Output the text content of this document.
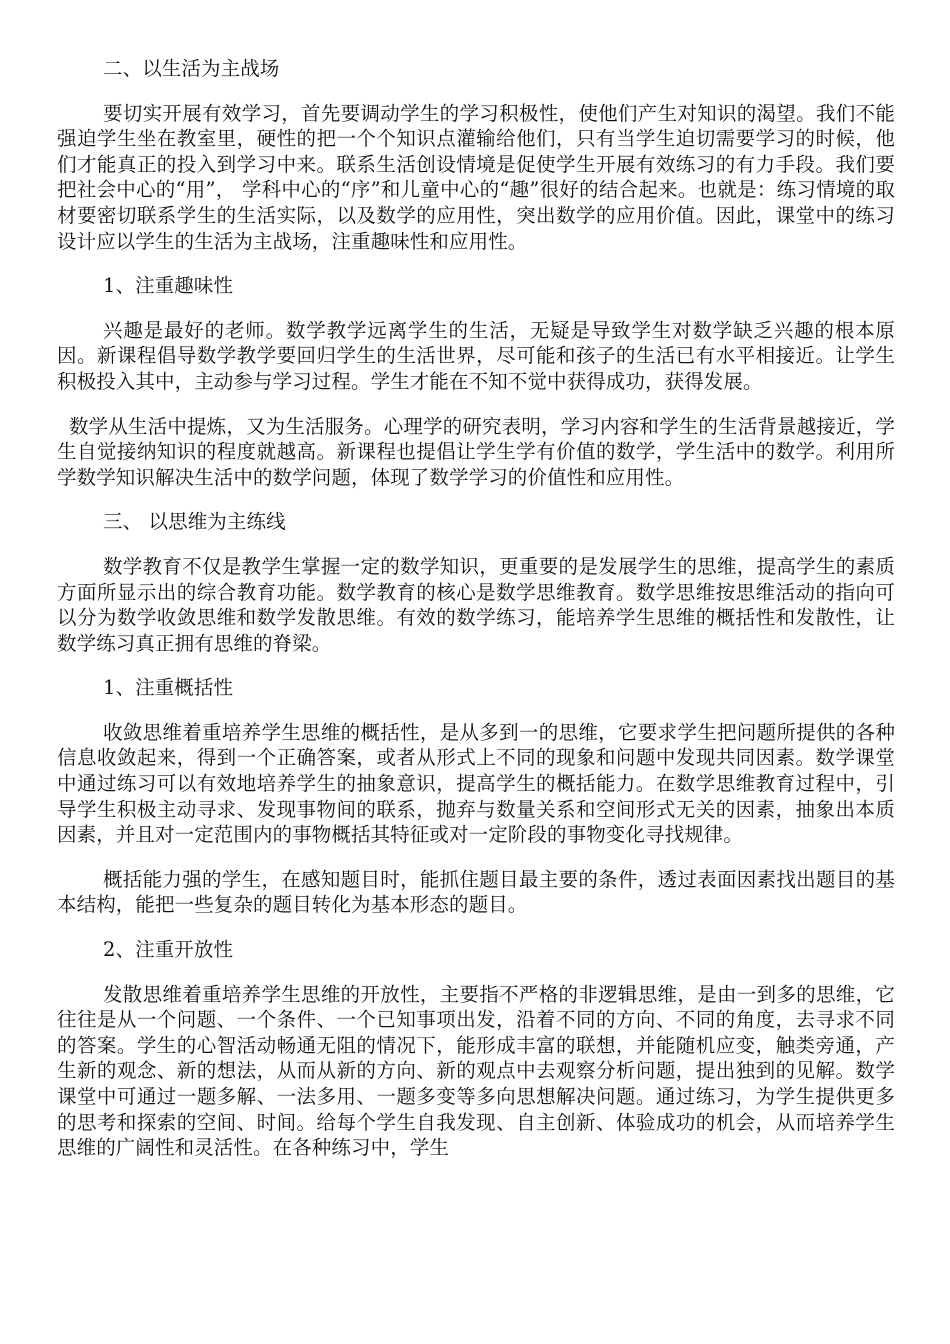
二、以生活为主战场

要切实开展有效学习，首先要调动学生的学习积极性，使他们产生对知识的渴望。我们不能强迫学生坐在教室里，硬性的把一个个知识点灌输给他们，只有当学生迫切需要学习的时候，他们才能真正的投入到学习中来。联系生活创设情境是促使学生开展有效练习的有力手段。我们要把社会中心的“用”， 学科中心的“序”和儿童中心的“趣”很好的结合起来。也就是：练习情境的取材要密切联系学生的生活实际，以及数学的应用性，突出数学的应用价值。因此，课堂中的练习设计应以学生的生活为主战场，注重趣味性和应用性。

1、注重趣味性

兴趣是最好的老师。数学教学远离学生的生活，无疑是导致学生对数学缺乏兴趣的根本原因。新课程倡导数学教学要回归学生的生活世界，尽可能和孩子的生活已有水平相接近。让学生积极投入其中，主动参与学习过程。学生才能在不知不觉中获得成功，获得发展。

数学从生活中提炼，又为生活服务。心理学的研究表明，学习内容和学生的生活背景越接近，学生自觉接纳知识的程度就越高。新课程也提倡让学生学有价值的数学，学生活中的数学。利用所学数学知识解决生活中的数学问题，体现了数学学习的价值性和应用性。

三、 以思维为主练线

数学教育不仅是教学生掌握一定的数学知识，更重要的是发展学生的思维，提高学生的素质方面所显示出的综合教育功能。数学教育的核心是数学思维教育。数学思维按思维活动的指向可以分为数学收敛思维和数学发散思维。有效的数学练习，能培养学生思维的概括性和发散性，让数学练习真正拥有思维的脊梁。

1、注重概括性

收敛思维着重培养学生思维的概括性，是从多到一的思维，它要求学生把问题所提供的各种信息收敛起来，得到一个正确答案，或者从形式上不同的现象和问题中发现共同因素。数学课堂中通过练习可以有效地培养学生的抽象意识，提高学生的概括能力。在数学思维教育过程中，引导学生积极主动寻求、发现事物间的联系，抛弃与数量关系和空间形式无关的因素，抽象出本质因素，并且对一定范围内的事物概括其特征或对一定阶段的事物变化寻找规律。

概括能力强的学生，在感知题目时，能抓住题目最主要的条件，透过表面因素找出题目的基本结构，能把一些复杂的题目转化为基本形态的题目。

2、注重开放性

发散思维着重培养学生思维的开放性，主要指不严格的非逻辑思维，是由一到多的思维，它往往是从一个问题、一个条件、一个已知事项出发，沿着不同的方向、不同的角度，去寻求不同的答案。学生的心智活动畅通无阻的情况下，能形成丰富的联想，并能随机应变，触类旁通，产生新的观念、新的想法，从而从新的方向、新的观点中去观察分析问题，提出独到的见解。数学课堂中可通过一题多解、一法多用、一题多变等多向思想解决问题。通过练习，为学生提供更多的思考和探索的空间、时间。给每个学生自我发现、自主创新、体验成功的机会，从而培养学生思维的广阔性和灵活性。在各种练习中，学生
